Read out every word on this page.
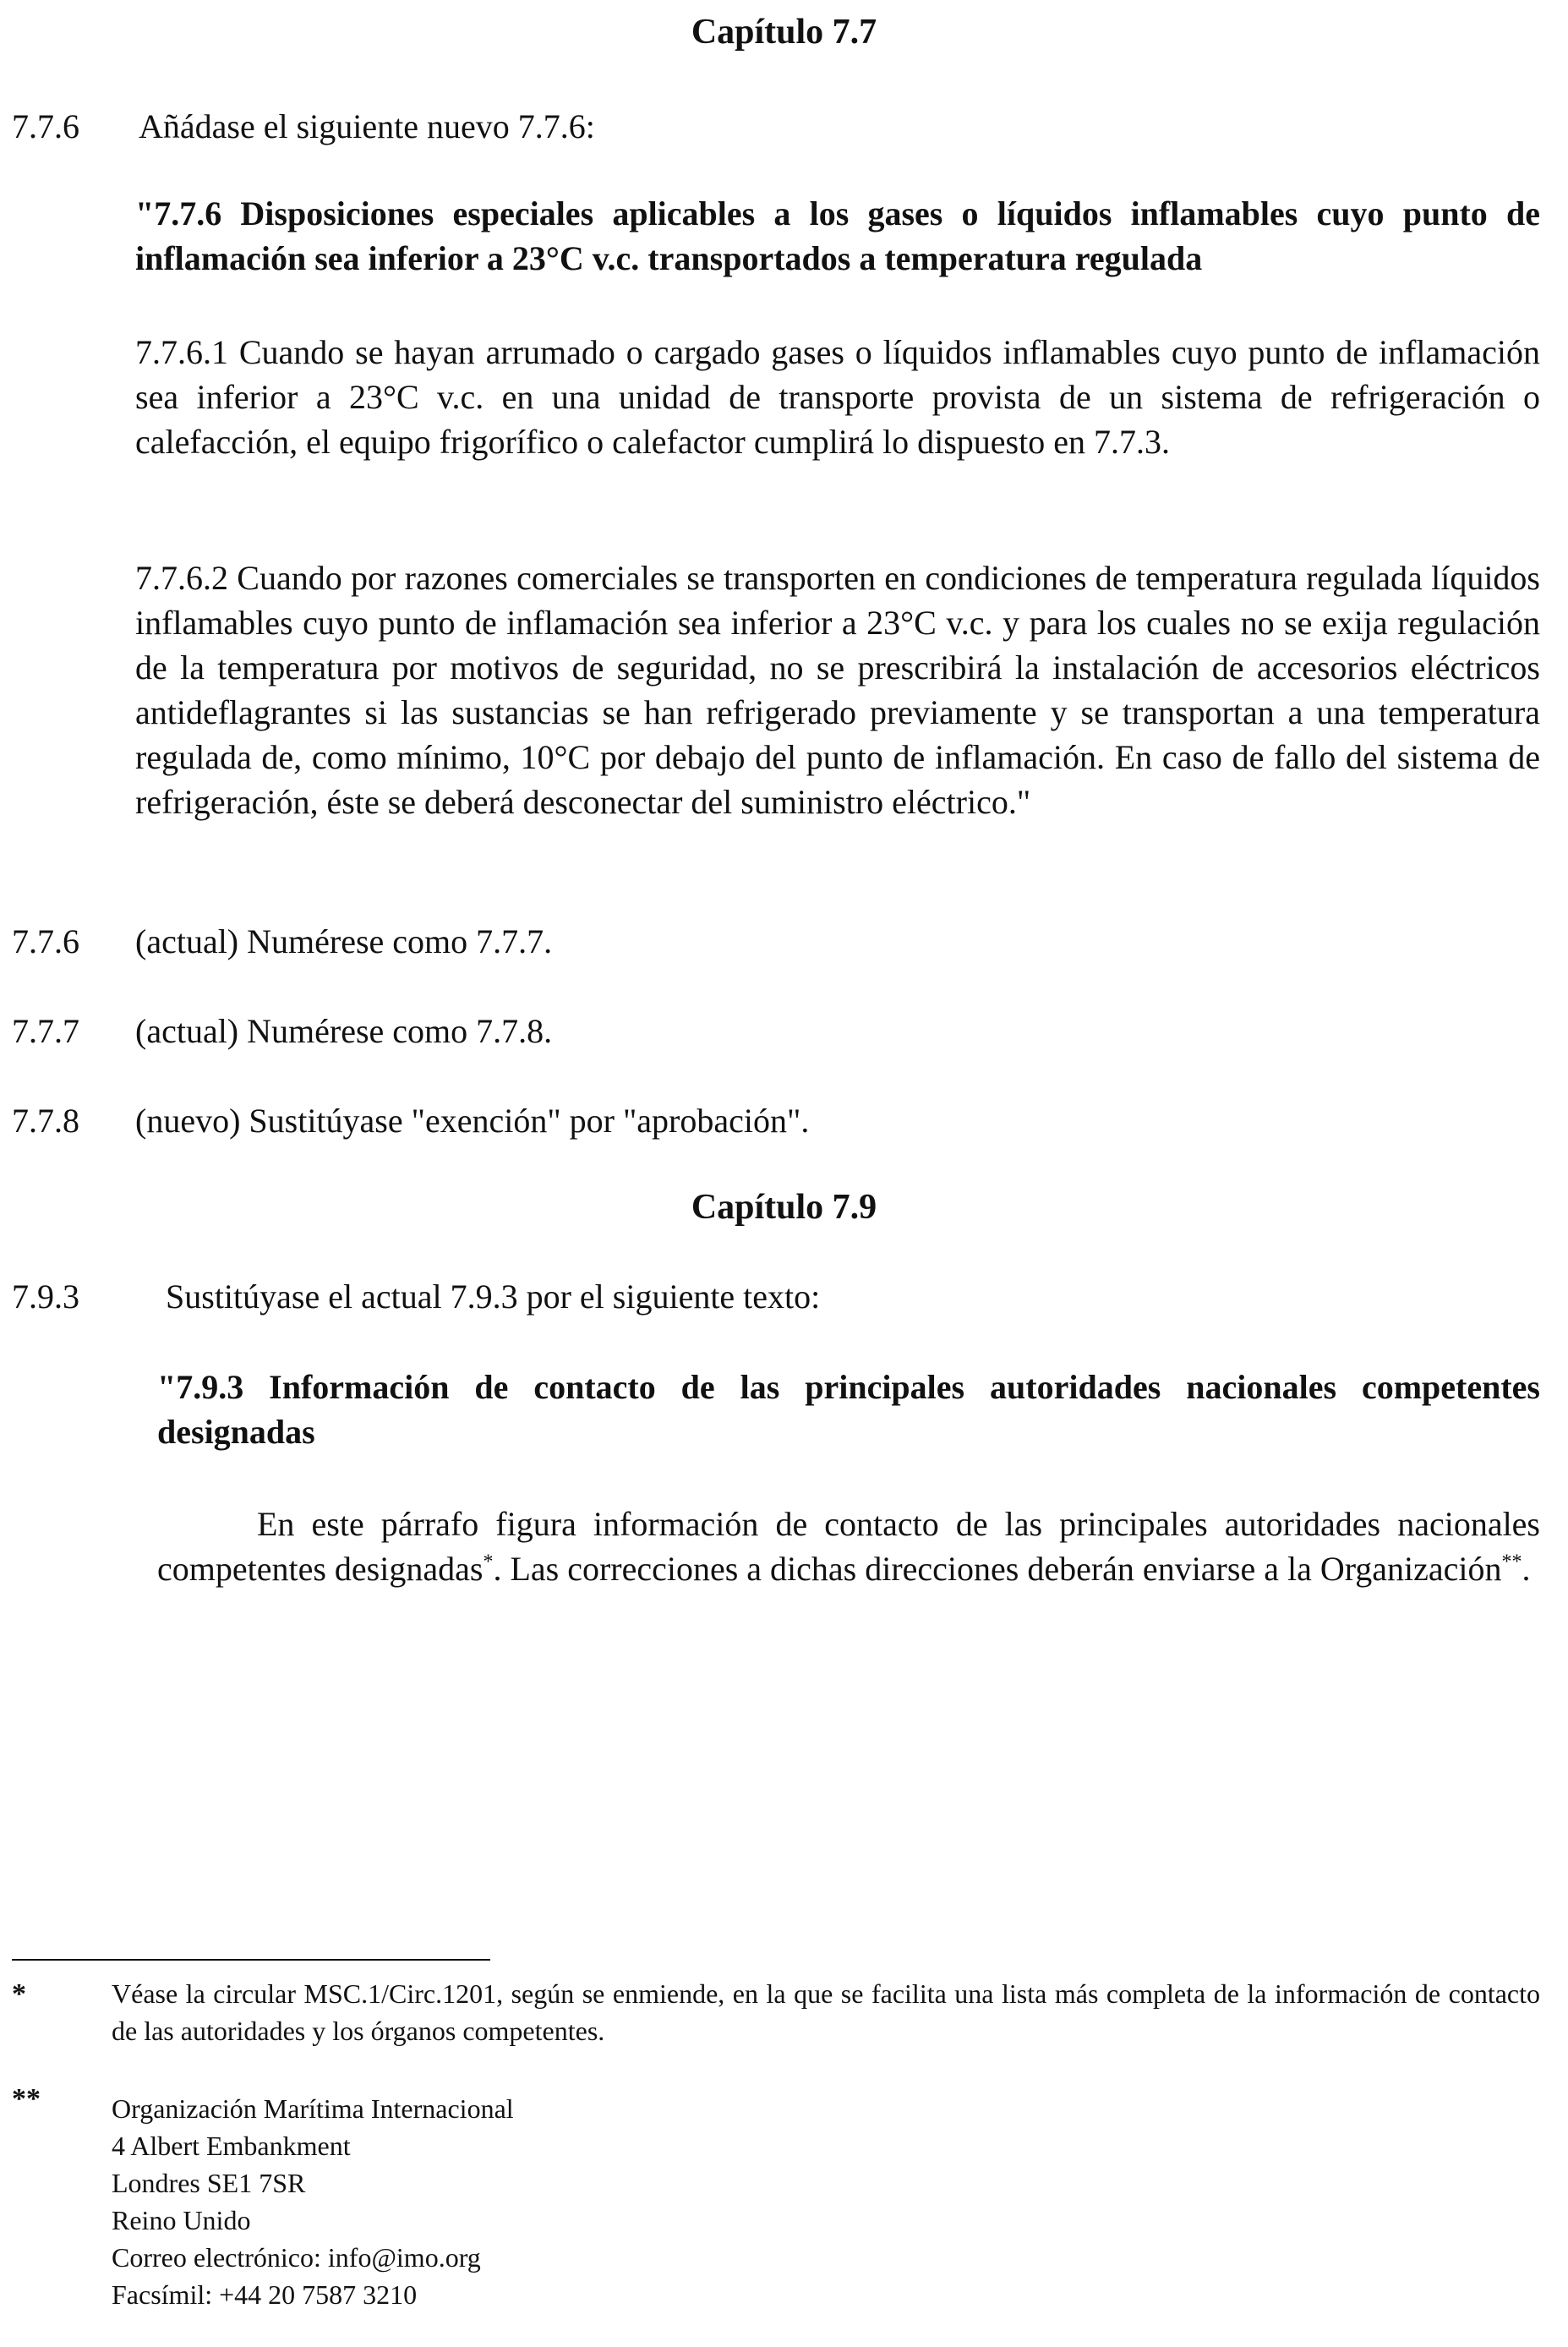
Capítulo 7.7
7.7.6 Añádase el siguiente nuevo 7.7.6:
"7.7.6 Disposiciones especiales aplicables a los gases o líquidos inflamables cuyo punto de inflamación sea inferior a 23°C v.c. transportados a temperatura regulada
7.7.6.1 Cuando se hayan arrumado o cargado gases o líquidos inflamables cuyo punto de inflamación sea inferior a 23°C v.c. en una unidad de transporte provista de un sistema de refrigeración o calefacción, el equipo frigorífico o calefactor cumplirá lo dispuesto en 7.7.3.
7.7.6.2 Cuando por razones comerciales se transporten en condiciones de temperatura regulada líquidos inflamables cuyo punto de inflamación sea inferior a 23°C v.c. y para los cuales no se exija regulación de la temperatura por motivos de seguridad, no se prescribirá la instalación de accesorios eléctricos antideflagrantes si las sustancias se han refrigerado previamente y se transportan a una temperatura regulada de, como mínimo, 10°C por debajo del punto de inflamación. En caso de fallo del sistema de refrigeración, éste se deberá desconectar del suministro eléctrico."
7.7.6 (actual) Numérese como 7.7.7.
7.7.7 (actual) Numérese como 7.7.8.
7.7.8 (nuevo) Sustitúyase "exención" por "aprobación".
Capítulo 7.9
7.9.3	Sustitúyase el actual 7.9.3 por el siguiente texto:
"7.9.3 Información de contacto de las principales autoridades nacionales competentes designadas
En este párrafo figura información de contacto de las principales autoridades nacionales competentes designadas*. Las correcciones a dichas direcciones deberán enviarse a la Organización**.
*	Véase la circular MSC.1/Circ.1201, según se enmiende, en la que se facilita una lista más completa de la información de contacto de las autoridades y los órganos competentes.
**	Organización Marítima Internacional
4 Albert Embankment
Londres SE1 7SR
Reino Unido
Correo electrónico: info@imo.org
Facsímil: +44 20 7587 3210
